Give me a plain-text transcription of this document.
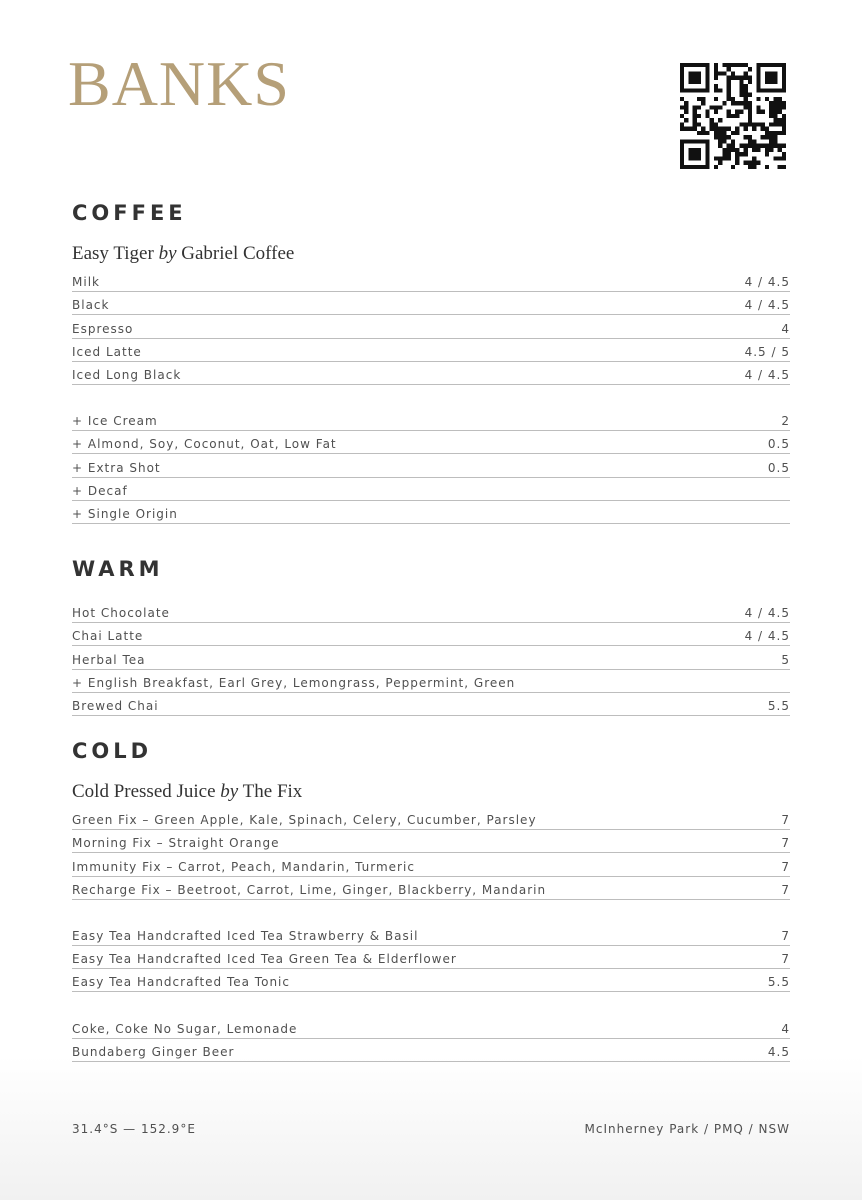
BANKS
COFFEE
Easy Tiger by Gabriel Coffee
Milk	4 / 4.5
Black	4 / 4.5
Espresso	4
Iced Latte	4.5 / 5
Iced Long Black	4 / 4.5
+ Ice Cream	2
+ Almond, Soy, Coconut, Oat, Low Fat	0.5
+ Extra Shot	0.5
+ Decaf
+ Single Origin
WARM
Hot Chocolate	4 / 4.5
Chai Latte	4 / 4.5
Herbal Tea	5
+ English Breakfast, Earl Grey, Lemongrass, Peppermint, Green
Brewed Chai	5.5
COLD
Cold Pressed Juice by The Fix
Green Fix – Green Apple, Kale, Spinach, Celery, Cucumber, Parsley	7
Morning Fix – Straight Orange	7
Immunity Fix – Carrot, Peach, Mandarin, Turmeric	7
Recharge Fix – Beetroot, Carrot, Lime, Ginger, Blackberry, Mandarin	7
Easy Tea Handcrafted Iced Tea Strawberry & Basil	7
Easy Tea Handcrafted Iced Tea Green Tea & Elderflower	7
Easy Tea Handcrafted Tea Tonic	5.5
Coke, Coke No Sugar, Lemonade	4
Bundaberg Ginger Beer	4.5
31.4°S — 152.9°E	McInherney Park / PMQ / NSW
